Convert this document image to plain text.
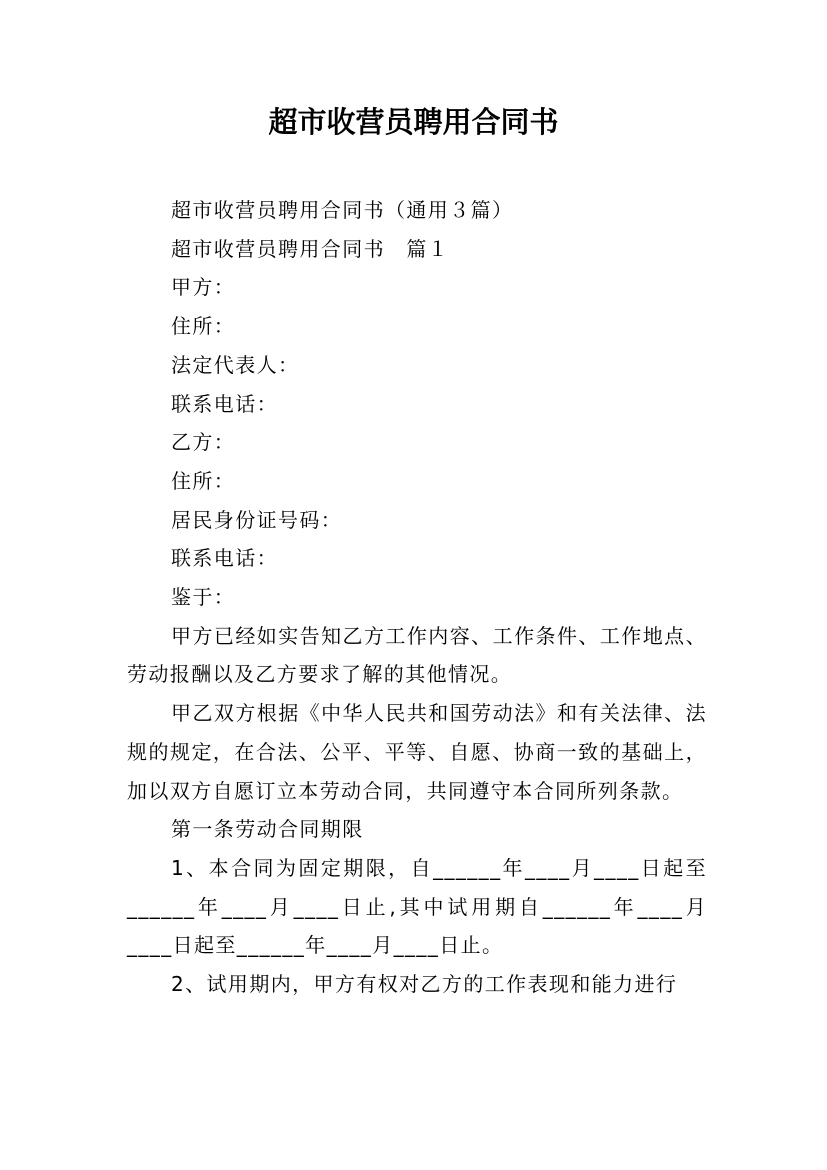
超市收营员聘用合同书

超市收营员聘用合同书（通用３篇）

超市收营员聘用合同书　篇１

甲方：

住所：

法定代表人：

联系电话：

乙方：

住所：

居民身份证号码：

联系电话：

鉴于：

甲方已经如实告知乙方工作内容、工作条件、工作地点、劳动报酬以及乙方要求了解的其他情况。

甲乙双方根据《中华人民共和国劳动法》和有关法律、法规的规定，在合法、公平、平等、自愿、协商一致的基础上，加以双方自愿订立本劳动合同，共同遵守本合同所列条款。

第一条劳动合同期限

1、本合同为固定期限，自______年____月____日起至______年____月____日止,其中试用期自______年____月____日起至______年____月____日止。

2、试用期内，甲方有权对乙方的工作表现和能力进行
